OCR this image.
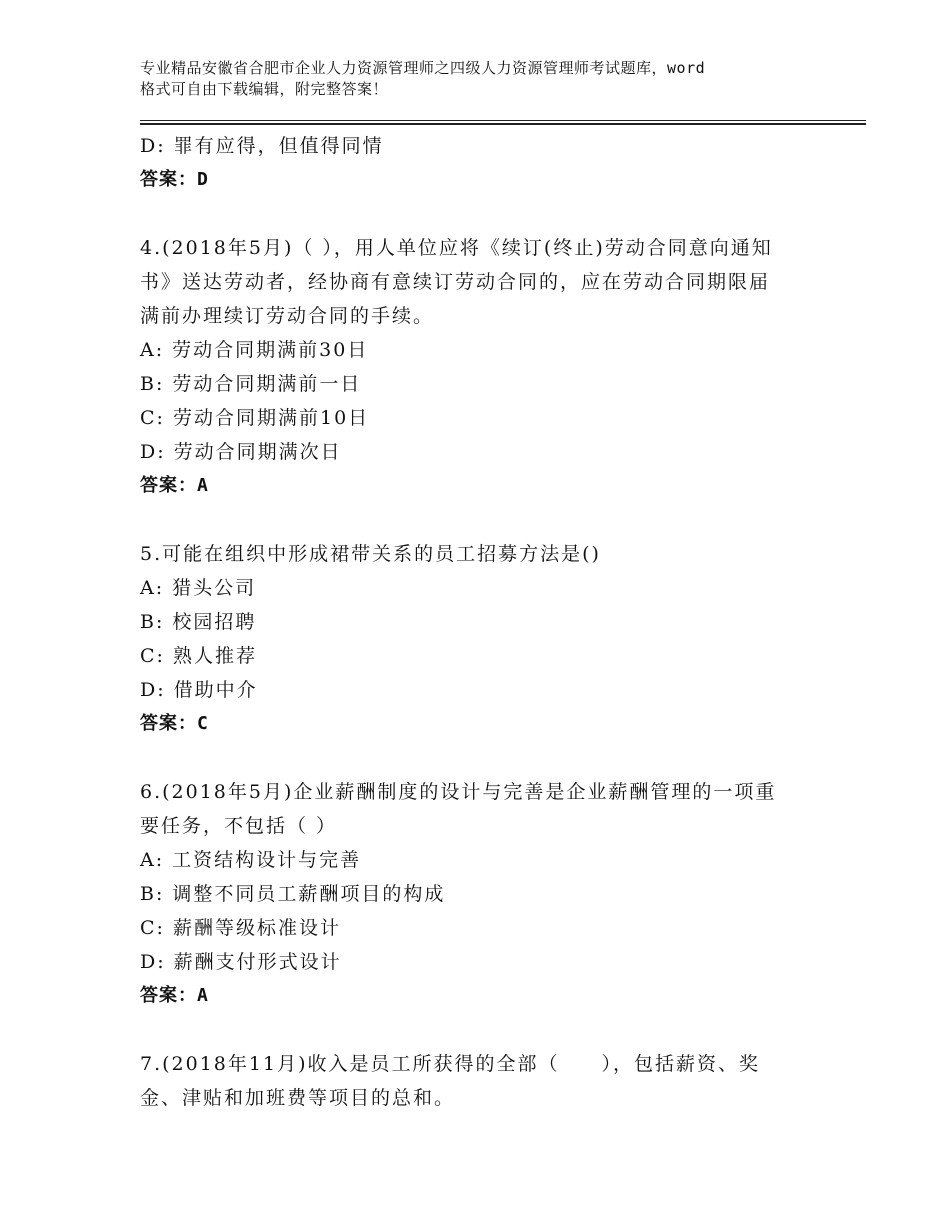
专业精品安徽省合肥市企业人力资源管理师之四级人力资源管理师考试题库，word
格式可自由下载编辑，附完整答案！
D: 罪有应得，但值得同情
答案：D
4.(2018年5月)（ ），用人单位应将《续订(终止)劳动合同意向通知
书》送达劳动者，经协商有意续订劳动合同的，应在劳动合同期限届
满前办理续订劳动合同的手续。
A: 劳动合同期满前30日
B: 劳动合同期满前一日
C: 劳动合同期满前10日
D: 劳动合同期满次日
答案：A
5.可能在组织中形成裙带关系的员工招募方法是()
A: 猎头公司
B: 校园招聘
C: 熟人推荐
D: 借助中介
答案：C
6.(2018年5月)企业薪酬制度的设计与完善是企业薪酬管理的一项重
要任务，不包括（ ）
A: 工资结构设计与完善
B: 调整不同员工薪酬项目的构成
C: 薪酬等级标准设计
D: 薪酬支付形式设计
答案：A
7.(2018年11月)收入是员工所获得的全部（　　），包括薪资、奖
金、津贴和加班费等项目的总和。
